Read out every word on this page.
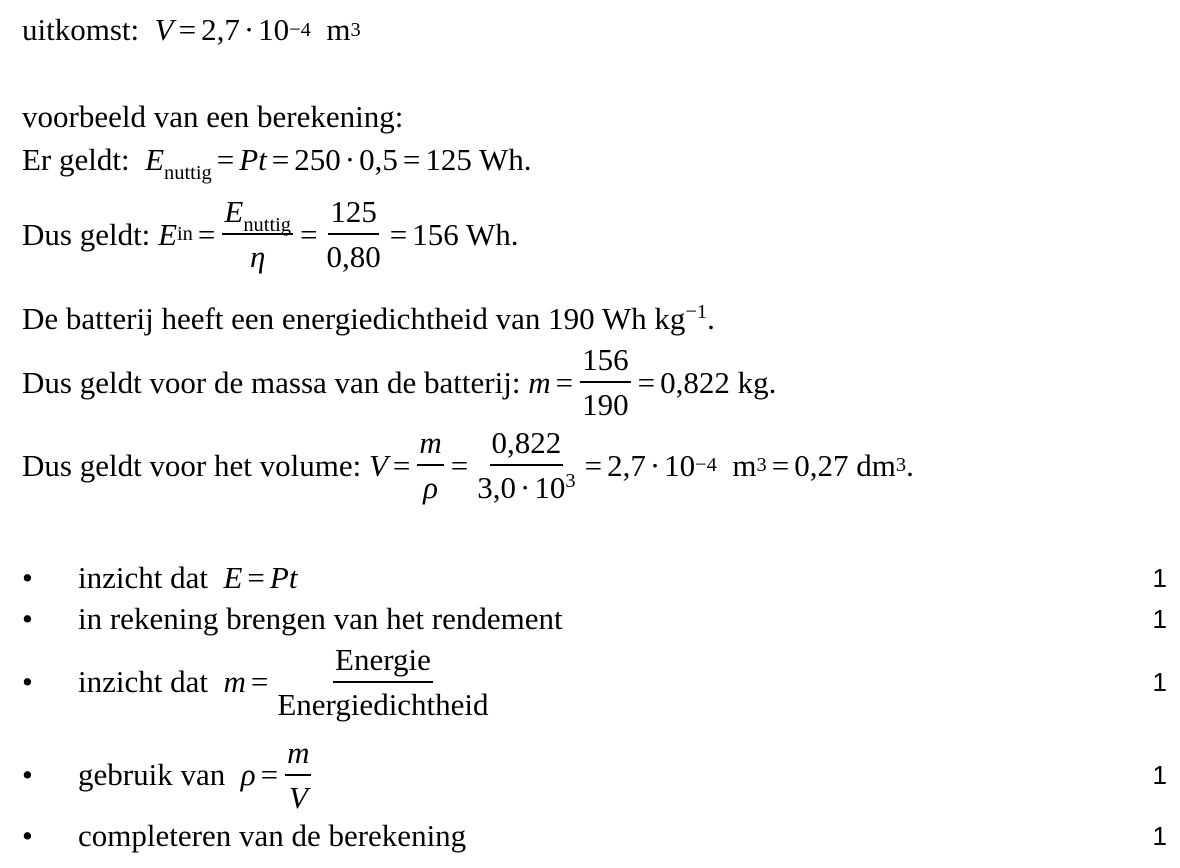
uitkomst: V = 2,7 · 10 −4 m 3
voorbeeld van een berekening:
Er geldt: $E_{nuttig} = Pt = 250 \cdot 0,5 = 125$ Wh.
Dus geldt:
E in = $\frac{E_{nuttig}}{\eta} = \frac{125}{0,80} = 156$ Wh.
De batterij heeft een energiedichtheid van 190 Wh $kg^{-1}$.
Dus geldt voor de massa van de batterij:
$m = \frac{156}{190} = 0,822$ kg.
Dus geldt voor het volume:
$V = \frac{m}{\rho} = \frac{0,822}{3,0 \cdot 10^3} = 2,7 \cdot 10 -4$ m 3 = 0,27 dm 3 .
• inzicht dat E = Pt	1
• in rekening brengen van het rendement	1
• inzicht dat
$m = \frac{\text{Energie}}{\text{Energiedichtheid}}$	1
• gebruik van
$\rho = \frac{m}{V}$	1
• completeren van de berekening	1
